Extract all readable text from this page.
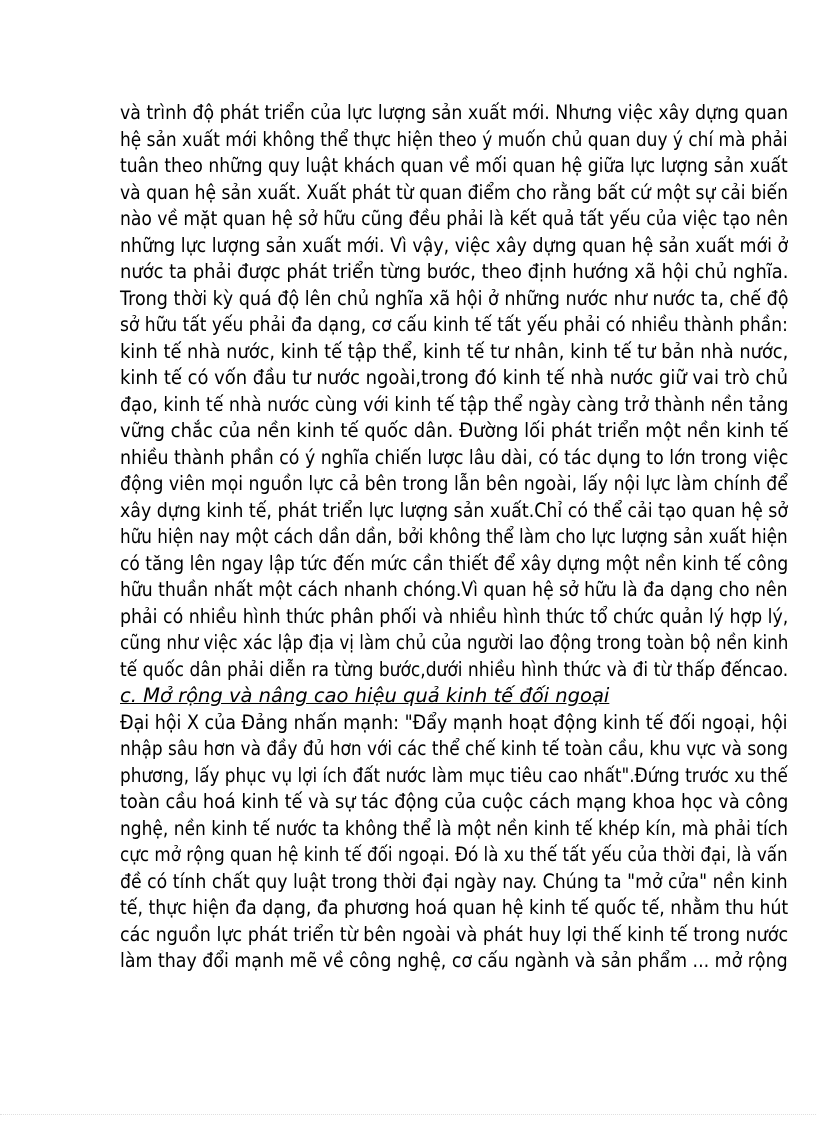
và trình độ phát triển của lực lượng sản xuất mới. Nhưng việc xây dựng quan
hệ sản xuất mới không thể thực hiện theo ý muốn chủ quan duy ý chí mà phải
tuân theo những quy luật khách quan về mối quan hệ giữa lực lượng sản xuất
và quan hệ sản xuất. Xuất phát từ quan điểm cho rằng bất cứ một sự cải biến
nào về mặt quan hệ sở hữu cũng đều phải là kết quả tất yếu của việc tạo nên
những lực lượng sản xuất mới. Vì vậy, việc xây dựng quan hệ sản xuất mới ở
nước ta phải được phát triển từng bước, theo định hướng xã hội chủ nghĩa.
Trong thời kỳ quá độ lên chủ nghĩa xã hội ở những nước như nước ta, chế độ
sở hữu tất yếu phải đa dạng, cơ cấu kinh tế tất yếu phải có nhiều thành phần:
kinh tế nhà nước, kinh tế tập thể, kinh tế tư nhân, kinh tế tư bản nhà nước,
kinh tế có vốn đầu tư nước ngoài,trong đó kinh tế nhà nước giữ vai trò chủ
đạo, kinh tế nhà nước cùng với kinh tế tập thể ngày càng trở thành nền tảng
vững chắc của nền kinh tế quốc dân. Đường lối phát triển một nền kinh tế
nhiều thành phần có ý nghĩa chiến lược lâu dài, có tác dụng to lớn trong việc
động viên mọi nguồn lực cả bên trong lẫn bên ngoài, lấy nội lực làm chính để
xây dựng kinh tế, phát triển lực lượng sản xuất.Chỉ có thể cải tạo quan hệ sở
hữu hiện nay một cách dần dần, bởi không thể làm cho lực lượng sản xuất hiện
có tăng lên ngay lập tức đến mức cần thiết để xây dựng một nền kinh tế công
hữu thuần nhất một cách nhanh chóng.Vì quan hệ sở hữu là đa dạng cho nên
phải có nhiều hình thức phân phối và nhiều hình thức tổ chức quản lý hợp lý,
cũng như việc xác lập địa vị làm chủ của người lao động trong toàn bộ nền kinh
tế quốc dân phải diễn ra từng bước,dưới nhiều hình thức và đi từ thấp đếncao.
c. Mở rộng và nâng cao hiệu quả kinh tế đối ngoại
Đại hội X của Đảng nhấn mạnh: "Đẩy mạnh hoạt động kinh tế đối ngoại, hội
nhập sâu hơn và đầy đủ hơn với các thể chế kinh tế toàn cầu, khu vực và song
phương, lấy phục vụ lợi ích đất nước làm mục tiêu cao nhất".Đứng trước xu thế
toàn cầu hoá kinh tế và sự tác động của cuộc cách mạng khoa học và công
nghệ, nền kinh tế nước ta không thể là một nền kinh tế khép kín, mà phải tích
cực mở rộng quan hệ kinh tế đối ngoại. Đó là xu thế tất yếu của thời đại, là vấn
đề có tính chất quy luật trong thời đại ngày nay. Chúng ta "mở cửa" nền kinh
tế, thực hiện đa dạng, đa phương hoá quan hệ kinh tế quốc tế, nhằm thu hút
các nguồn lực phát triển từ bên ngoài và phát huy lợi thế kinh tế trong nước
làm thay đổi mạnh mẽ về công nghệ, cơ cấu ngành và sản phẩm ... mở rộng
